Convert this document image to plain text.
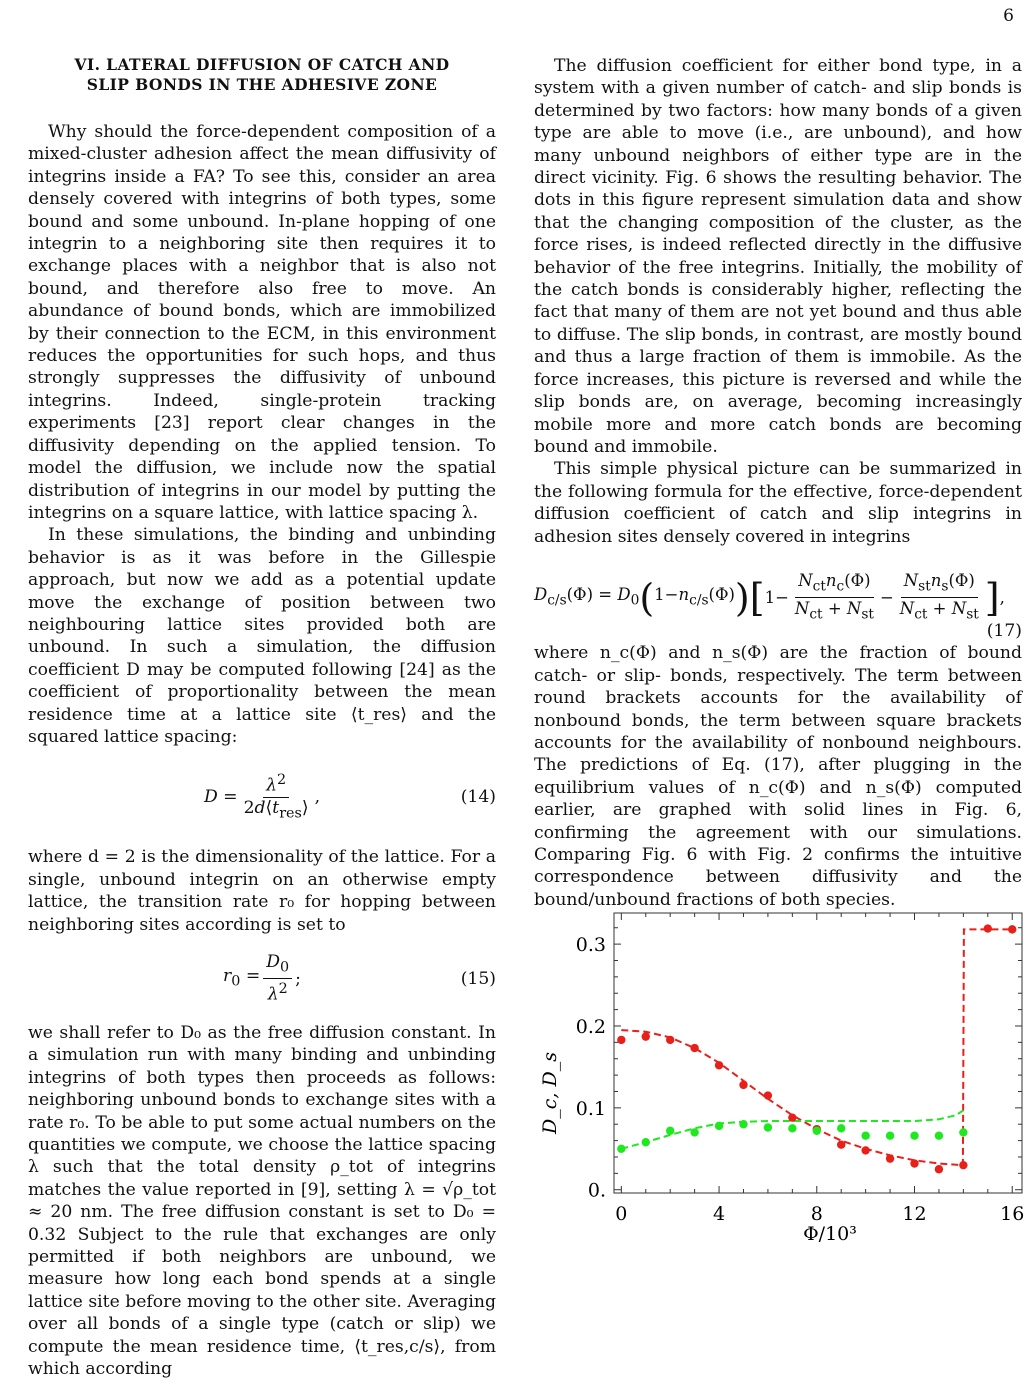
6
VI. LATERAL DIFFUSION OF CATCH AND
SLIP BONDS IN THE ADHESIVE ZONE

Why should the force-dependent composition of a mixed-cluster adhesion affect the mean diffusivity of integrins inside a FA? To see this, consider an area densely covered with integrins of both types, some bound and some unbound. In-plane hopping of one integrin to a neighboring site then requires it to exchange places with a neighbor that is also not bound, and therefore also free to move. An abundance of bound bonds, which are immobilized by their connection to the ECM, in this environment reduces the opportunities for such hops, and thus strongly suppresses the diffusivity of unbound integrins. Indeed, single-protein tracking experiments [23] report clear changes in the diffusivity depending on the applied tension. To model the diffusion, we include now the spatial distribution of integrins in our model by putting the integrins on a square lattice, with lattice spacing λ.

In these simulations, the binding and unbinding behavior is as it was before in the Gillespie approach, but now we add as a potential update move the exchange of position between two neighbouring lattice sites provided both are unbound. In such a simulation, the diffusion coefficient D may be computed following [24] as the coefficient of proportionality between the mean residence time at a lattice site ⟨t_res⟩ and the squared lattice spacing:

$D = \frac{\lambda^2}{2d⟨t_{res}⟩}$ ,	(14)

where d = 2 is the dimensionality of the lattice. For a single, unbound integrin on an otherwise empty lattice, the transition rate r₀ for hopping between neighboring sites according is set to

$r_0 = \frac{D_0}{\lambda^2}$ ;	(15)

we shall refer to D₀ as the free diffusion constant. In a simulation run with many binding and unbinding integrins of both types then proceeds as follows: neighboring unbound bonds to exchange sites with a rate r₀. To be able to put some actual numbers on the quantities we compute, we choose the lattice spacing λ such that the total density ρ_tot of integrins matches the value reported in [9], setting λ = √ρ_tot ≈ 20 nm. The free diffusion constant is set to D₀ = 0.32 Subject to the rule that exchanges are only permitted if both neighbors are unbound, we measure how long each bond spends at a single lattice site before moving to the other site. Averaging over all bonds of a single type (catch or slip) we compute the mean residence time, ⟨t_res,c/s⟩, from which according

The diffusion coefficient for either bond type, in a system with a given number of catch- and slip bonds is determined by two factors: how many bonds of a given type are able to move (i.e., are unbound), and how many unbound neighbors of either type are in the direct vicinity. Fig. 6 shows the resulting behavior. The dots in this figure represent simulation data and show that the changing composition of the cluster, as the force rises, is indeed reflected directly in the diffusive behavior of the free integrins. Initially, the mobility of the catch bonds is considerably higher, reflecting the fact that many of them are not yet bound and thus able to diffuse. The slip bonds, in contrast, are mostly bound and thus a large fraction of them is immobile. As the force increases, this picture is reversed and while the slip bonds are, on average, becoming increasingly mobile more and more catch bonds are becoming bound and immobile.

This simple physical picture can be summarized in the following formula for the effective, force-dependent diffusion coefficient of catch and slip integrins in adhesion sites densely covered in integrins

$D_{c/s}(\Phi) = D_0$ ( $1-n_{c/s}(\Phi)$ ) [ $1- \frac{N_{ct}n_c(\Phi)}{N_{ct} + N_{st}} - \frac{N_{st}n_s(\Phi)}{N_{ct} + N_{st}}$ ] ,
(17)

where n_c(Φ) and n_s(Φ) are the fraction of bound catch- or slip- bonds, respectively. The term between round brackets accounts for the availability of nonbound bonds, the term between square brackets accounts for the availability of nonbound neighbours. The predictions of Eq. (17), after plugging in the equilibrium values of n_c(Φ) and n_s(Φ) computed earlier, are graphed with solid lines in Fig. 6, confirming the agreement with our simulations. Comparing Fig. 6 with Fig. 2 confirms the intuitive correspondence between diffusivity and the bound/unbound fractions of both species.

0	4	8	12	16
0.
0.1
0.2
0.3
Φ/10³
D_c, D_s
